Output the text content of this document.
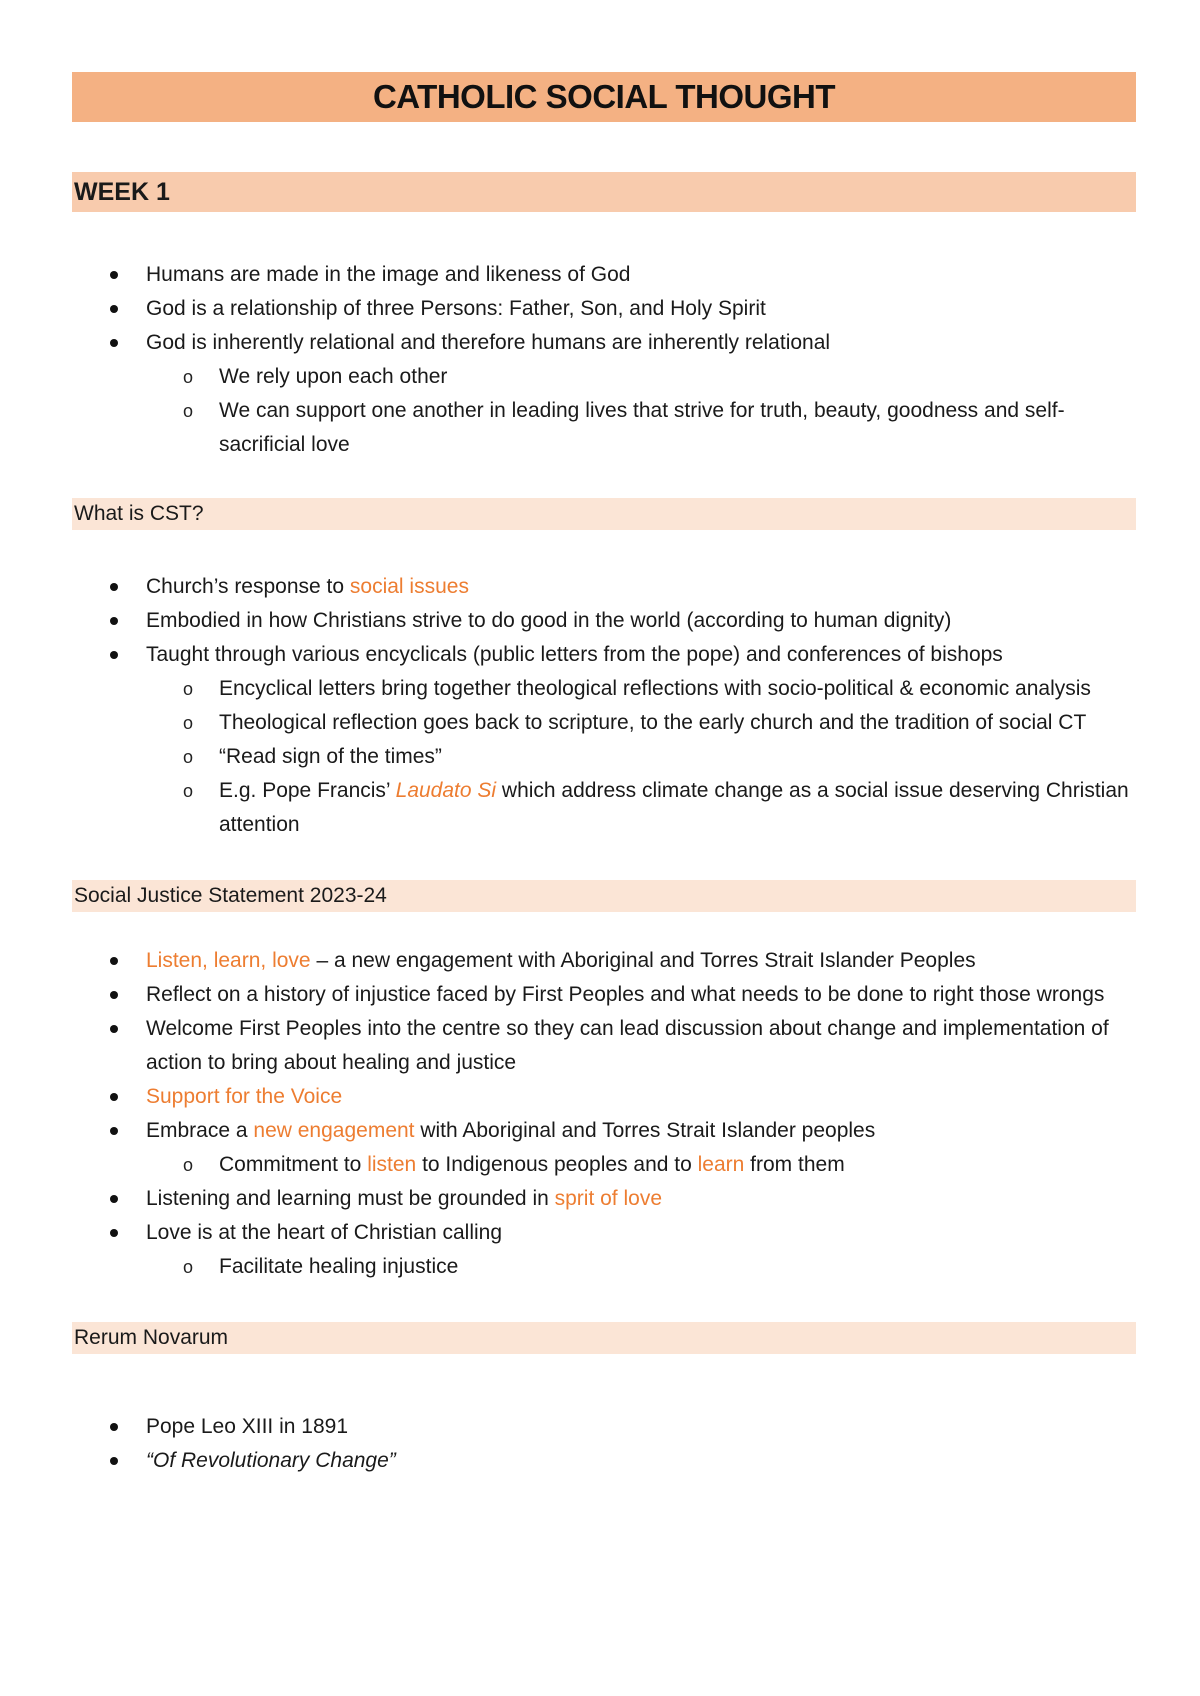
CATHOLIC SOCIAL THOUGHT
WEEK 1
Humans are made in the image and likeness of God
God is a relationship of three Persons: Father, Son, and Holy Spirit
God is inherently relational and therefore humans are inherently relational
o We rely upon each other
o We can support one another in leading lives that strive for truth, beauty, goodness and self-sacrificial love
What is CST?
Church’s response to social issues
Embodied in how Christians strive to do good in the world (according to human dignity)
Taught through various encyclicals (public letters from the pope) and conferences of bishops
o Encyclical letters bring together theological reflections with socio-political & economic analysis
o Theological reflection goes back to scripture, to the early church and the tradition of social CT
o “Read sign of the times”
o E.g. Pope Francis’ Laudato Si which address climate change as a social issue deserving Christian attention
Social Justice Statement 2023-24
Listen, learn, love – a new engagement with Aboriginal and Torres Strait Islander Peoples
Reflect on a history of injustice faced by First Peoples and what needs to be done to right those wrongs
Welcome First Peoples into the centre so they can lead discussion about change and implementation of action to bring about healing and justice
Support for the Voice
Embrace a new engagement with Aboriginal and Torres Strait Islander peoples
o Commitment to listen to Indigenous peoples and to learn from them
Listening and learning must be grounded in sprit of love
Love is at the heart of Christian calling
o Facilitate healing injustice
Rerum Novarum
Pope Leo XIII in 1891
“Of Revolutionary Change”
